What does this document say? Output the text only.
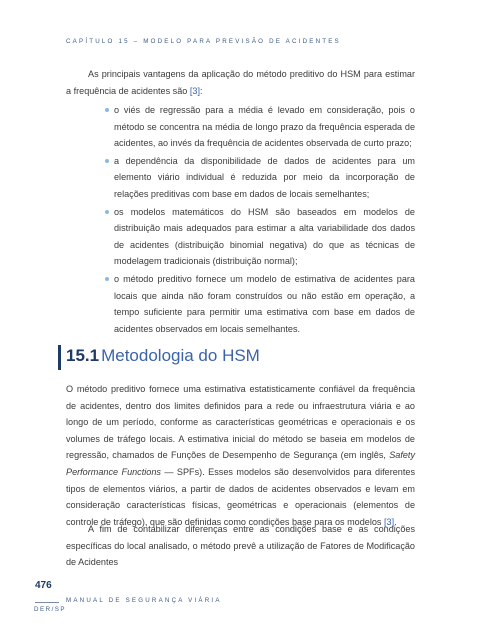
CAPÍTULO 15 – MODELO PARA PREVISÃO DE ACIDENTES

As principais vantagens da aplicação do método preditivo do HSM para estimar a frequência de acidentes são [3]:

o viés de regressão para a média é levado em consideração, pois o método se concentra na média de longo prazo da frequência esperada de acidentes, ao invés da frequência de acidentes observada de curto prazo;
a dependência da disponibilidade de dados de acidentes para um elemento viário individual é reduzida por meio da incorporação de relações preditivas com base em dados de locais semelhantes;
os modelos matemáticos do HSM são baseados em modelos de distribuição mais adequados para estimar a alta variabilidade dos dados de acidentes (distribuição binomial negativa) do que as técnicas de modelagem tradicionais (distribuição normal);
o método preditivo fornece um modelo de estimativa de acidentes para locais que ainda não foram construídos ou não estão em operação, a tempo suficiente para permitir uma estimativa com base em dados de acidentes observados em locais semelhantes.
15.1 Metodologia do HSM

O método preditivo fornece uma estimativa estatisticamente confiável da frequência de acidentes, dentro dos limites definidos para a rede ou infraestrutura viária e ao longo de um período, conforme as características geométricas e operacionais e os volumes de tráfego locais. A estimativa inicial do método se baseia em modelos de regressão, chamados de Funções de Desempenho de Segurança (em inglês, Safety Performance Functions — SPFs). Esses modelos são desenvolvidos para diferentes tipos de elementos viários, a partir de dados de acidentes observados e levam em consideração características físicas, geométricas e operacionais (elementos de controle de tráfego), que são definidas como condições base para os modelos [3].

A fim de contabilizar diferenças entre as condições base e as condições específicas do local analisado, o método prevê a utilização de Fatores de Modificação de Acidentes

476
MANUAL DE SEGURANÇA VIÁRIA
DER/SP
